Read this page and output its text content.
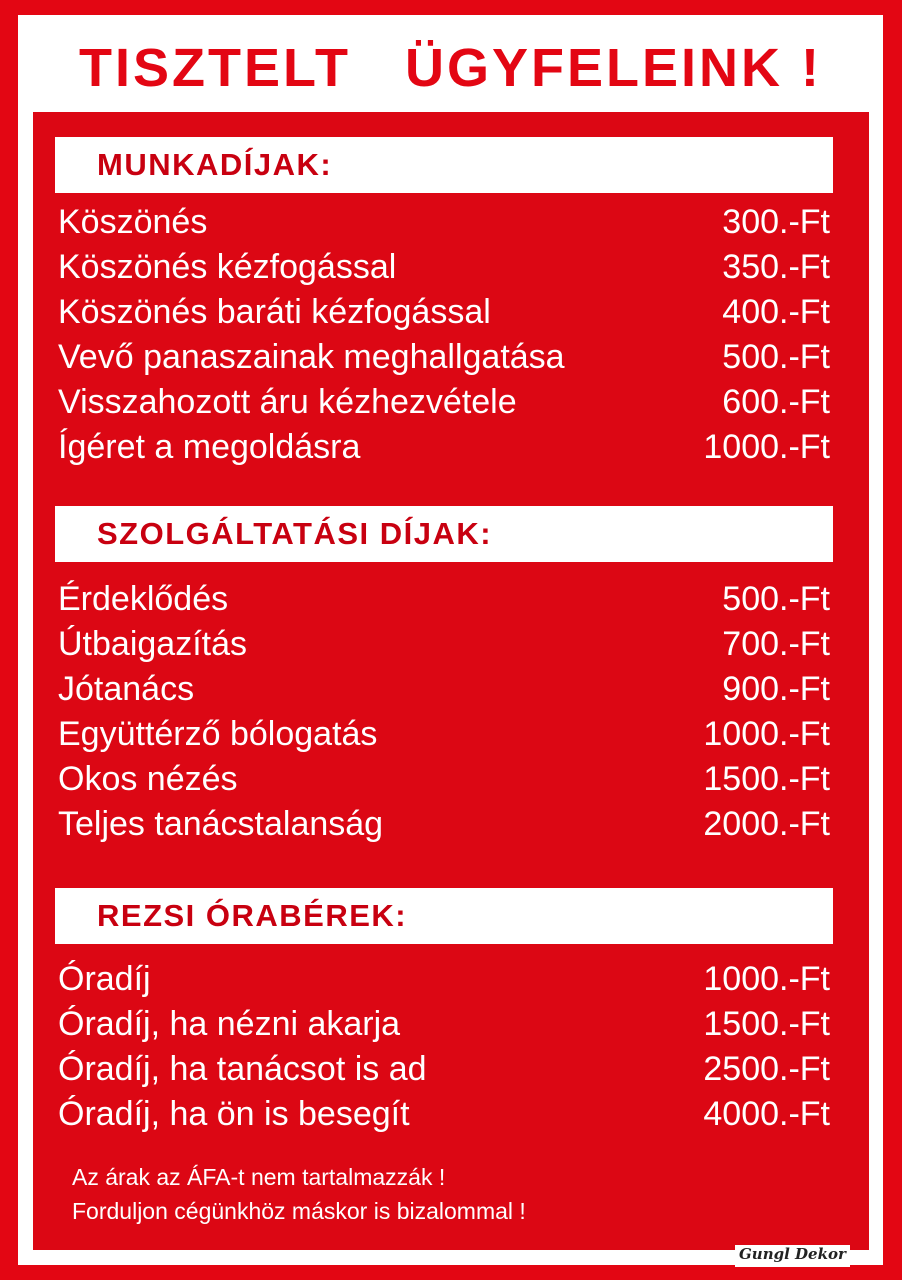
TISZTELT   ÜGYFELEINK !
MUNKADÍJAK:
Köszönés	300.-Ft
Köszönés kézfogással	350.-Ft
Köszönés baráti kézfogással	400.-Ft
Vevő panaszainak meghallgatása	500.-Ft
Visszahozott áru kézhezvétele	600.-Ft
Ígéret a megoldásra	1000.-Ft
SZOLGÁLTATÁSI DÍJAK:
Érdeklődés	500.-Ft
Útbaigazítás	700.-Ft
Jótanács	900.-Ft
Együttérző bólogatás	1000.-Ft
Okos nézés	1500.-Ft
Teljes tanácstalanság	2000.-Ft
REZSI ÓRABÉREK:
Óradíj	1000.-Ft
Óradíj, ha nézni akarja	1500.-Ft
Óradíj, ha tanácsot is ad	2500.-Ft
Óradíj, ha ön is besegít	4000.-Ft
Az árak az ÁFA-t nem tartalmazzák !
Forduljon cégünkhöz máskor is bizalommal !
Gungl Dekor
